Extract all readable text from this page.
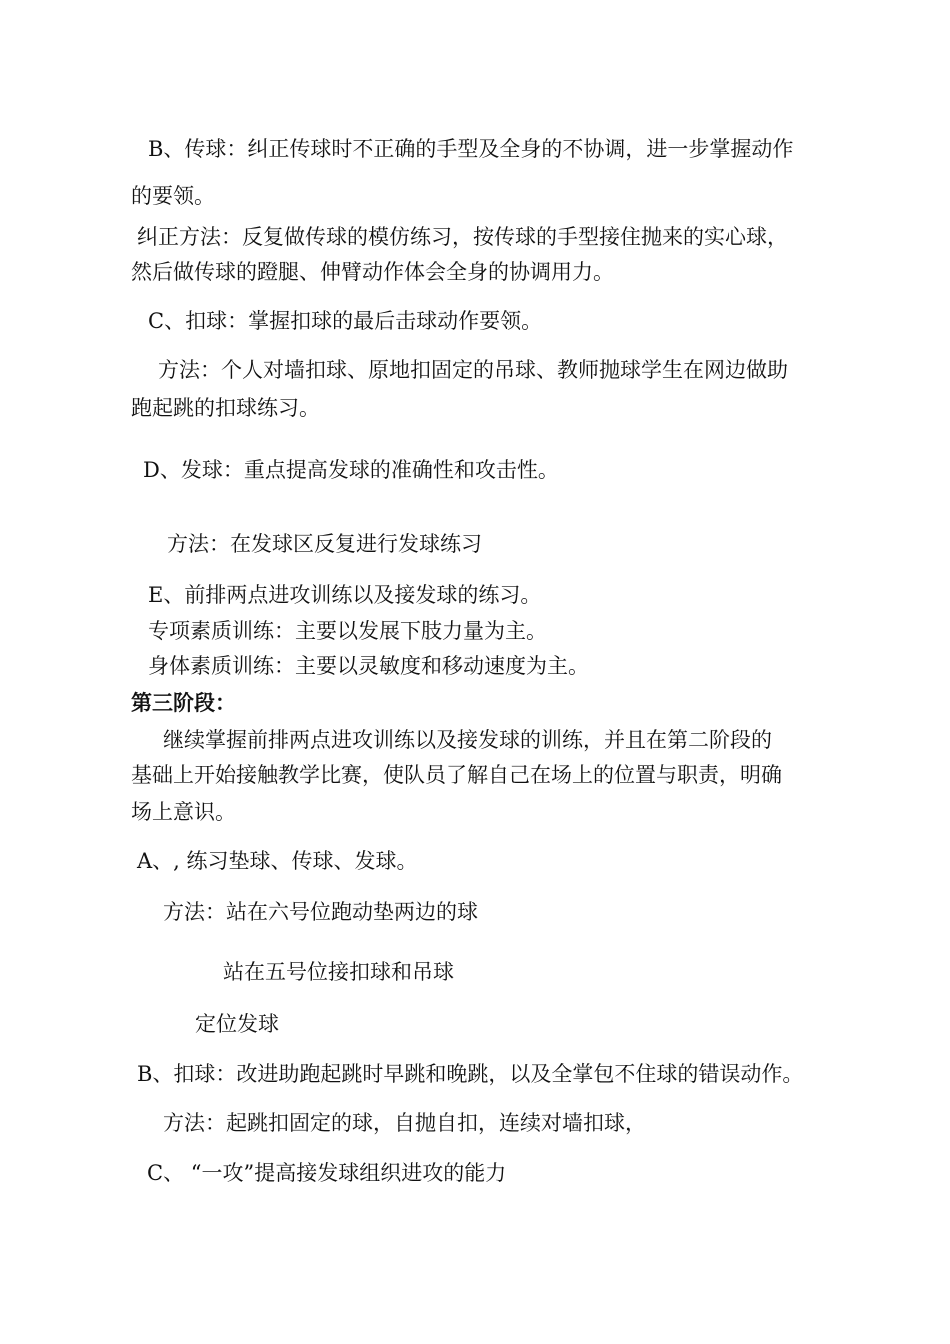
B、传球：纠正传球时不正确的手型及全身的不协调，进一步掌握动作
的要领。
纠正方法：反复做传球的模仿练习，按传球的手型接住抛来的实心球，
然后做传球的蹬腿、伸臂动作体会全身的协调用力。
C、扣球：掌握扣球的最后击球动作要领。
方法：个人对墙扣球、原地扣固定的吊球、教师抛球学生在网边做助
跑起跳的扣球练习。
D、发球：重点提高发球的准确性和攻击性。
方法：在发球区反复进行发球练习
E、前排两点进攻训练以及接发球的练习。
专项素质训练：主要以发展下肢力量为主。
身体素质训练：主要以灵敏度和移动速度为主。
第三阶段：
继续掌握前排两点进攻训练以及接发球的训练，并且在第二阶段的
基础上开始接触教学比赛，使队员了解自己在场上的位置与职责，明确
场上意识。
A、, 练习垫球、传球、发球。
方法：站在六号位跑动垫两边的球
站在五号位接扣球和吊球
定位发球
B、扣球：改进助跑起跳时早跳和晚跳，以及全掌包不住球的错误动作。
方法：起跳扣固定的球，自抛自扣，连续对墙扣球，
C、 “一攻”提高接发球组织进攻的能力
